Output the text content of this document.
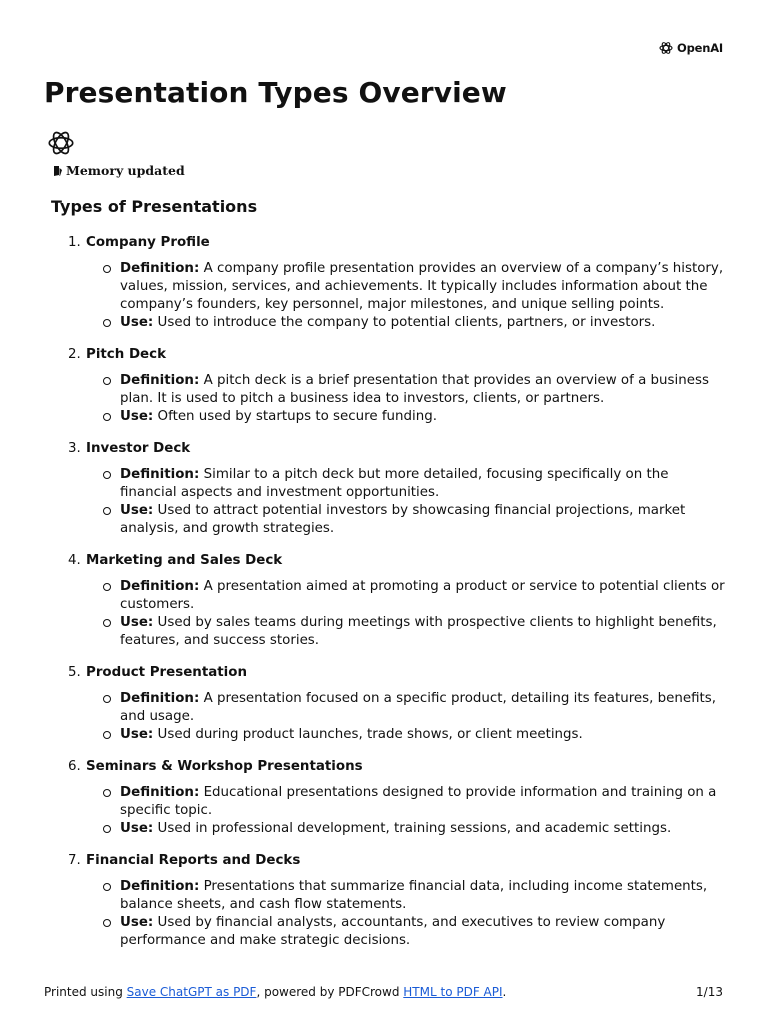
OpenAI
Presentation Types Overview
Memory updated
Types of Presentations
1. Company Profile
Definition: A company profile presentation provides an overview of a company’s history, values, mission, services, and achievements. It typically includes information about the company’s founders, key personnel, major milestones, and unique selling points.
Use: Used to introduce the company to potential clients, partners, or investors.
2. Pitch Deck
Definition: A pitch deck is a brief presentation that provides an overview of a business plan. It is used to pitch a business idea to investors, clients, or partners.
Use: Often used by startups to secure funding.
3. Investor Deck
Definition: Similar to a pitch deck but more detailed, focusing specifically on the financial aspects and investment opportunities.
Use: Used to attract potential investors by showcasing financial projections, market analysis, and growth strategies.
4. Marketing and Sales Deck
Definition: A presentation aimed at promoting a product or service to potential clients or customers.
Use: Used by sales teams during meetings with prospective clients to highlight benefits, features, and success stories.
5. Product Presentation
Definition: A presentation focused on a specific product, detailing its features, benefits, and usage.
Use: Used during product launches, trade shows, or client meetings.
6. Seminars & Workshop Presentations
Definition: Educational presentations designed to provide information and training on a specific topic.
Use: Used in professional development, training sessions, and academic settings.
7. Financial Reports and Decks
Definition: Presentations that summarize financial data, including income statements, balance sheets, and cash flow statements.
Use: Used by financial analysts, accountants, and executives to review company performance and make strategic decisions.
Printed using Save ChatGPT as PDF, powered by PDFCrowd HTML to PDF API.	1/13
